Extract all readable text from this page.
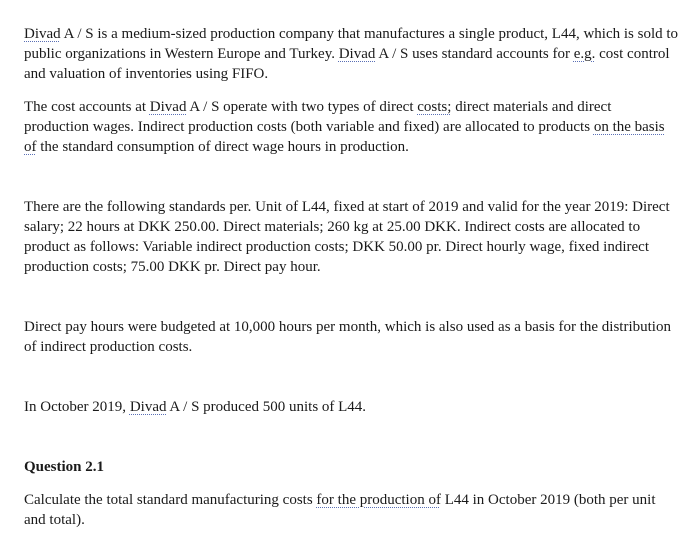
Divad A / S is a medium-sized production company that manufactures a single product, L44, which is sold to public organizations in Western Europe and Turkey. Divad A / S uses standard accounts for e.g. cost control and valuation of inventories using FIFO.

The cost accounts at Divad A / S operate with two types of direct costs; direct materials and direct production wages. Indirect production costs (both variable and fixed) are allocated to products on the basis of the standard consumption of direct wage hours in production.

There are the following standards per. Unit of L44, fixed at start of 2019 and valid for the year 2019: Direct salary; 22 hours at DKK 250.00. Direct materials; 260 kg at 25.00 DKK. Indirect costs are allocated to product as follows: Variable indirect production costs; DKK 50.00 pr. Direct hourly wage, fixed indirect production costs; 75.00 DKK pr. Direct pay hour.

Direct pay hours were budgeted at 10,000 hours per month, which is also used as a basis for the distribution of indirect production costs.

In October 2019, Divad A / S produced 500 units of L44.

Question 2.1

Calculate the total standard manufacturing costs for the production of L44 in October 2019 (both per unit and total).
